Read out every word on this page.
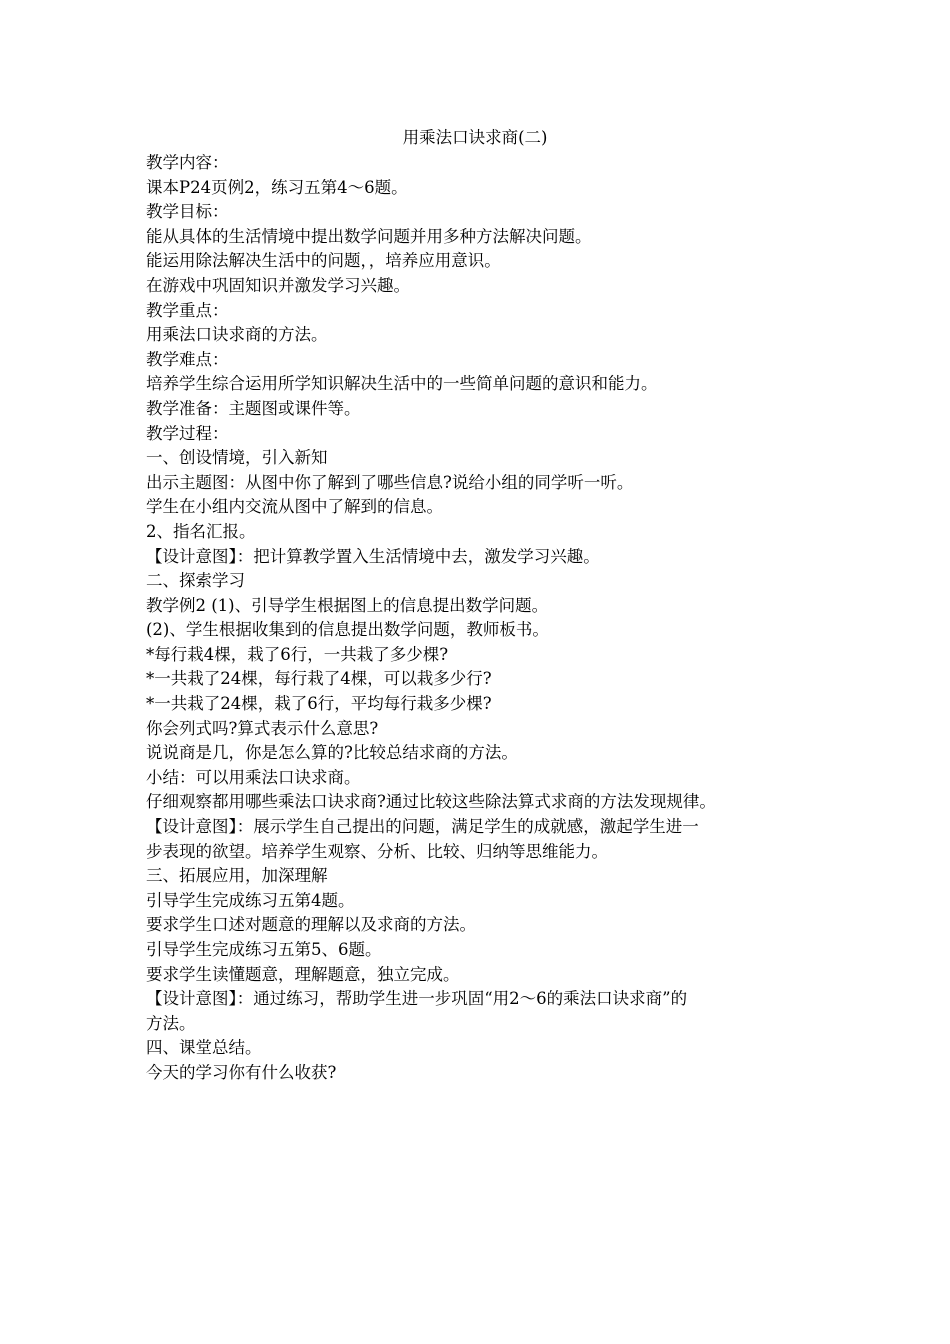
用乘法口诀求商(二)
教学内容：
课本P24页例2，练习五第4～6题。
教学目标：
能从具体的生活情境中提出数学问题并用多种方法解决问题。
能运用除法解决生活中的问题，，培养应用意识。
在游戏中巩固知识并激发学习兴趣。
教学重点：
用乘法口诀求商的方法。
教学难点：
培养学生综合运用所学知识解决生活中的一些简单问题的意识和能力。
教学准备：主题图或课件等。
教学过程：
一、创设情境，引入新知
出示主题图：从图中你了解到了哪些信息?说给小组的同学听一听。
学生在小组内交流从图中了解到的信息。
2、指名汇报。
【设计意图】：把计算教学置入生活情境中去，激发学习兴趣。
二、探索学习
教学例2 (1)、引导学生根据图上的信息提出数学问题。
(2)、学生根据收集到的信息提出数学问题，教师板书。
*每行栽4棵，栽了6行，一共栽了多少棵?
*一共栽了24棵，每行栽了4棵，可以栽多少行?
*一共栽了24棵，栽了6行，平均每行栽多少棵?
你会列式吗?算式表示什么意思?
说说商是几，你是怎么算的?比较总结求商的方法。
小结：可以用乘法口诀求商。
仔细观察都用哪些乘法口诀求商?通过比较这些除法算式求商的方法发现规律。
【设计意图】：展示学生自己提出的问题，满足学生的成就感，激起学生进一
步表现的欲望。培养学生观察、分析、比较、归纳等思维能力。
三、拓展应用，加深理解
引导学生完成练习五第4题。
要求学生口述对题意的理解以及求商的方法。
引导学生完成练习五第5、6题。
要求学生读懂题意，理解题意，独立完成。
【设计意图】：通过练习，帮助学生进一步巩固“用2～6的乘法口诀求商”的
方法。
四、课堂总结。
今天的学习你有什么收获?
